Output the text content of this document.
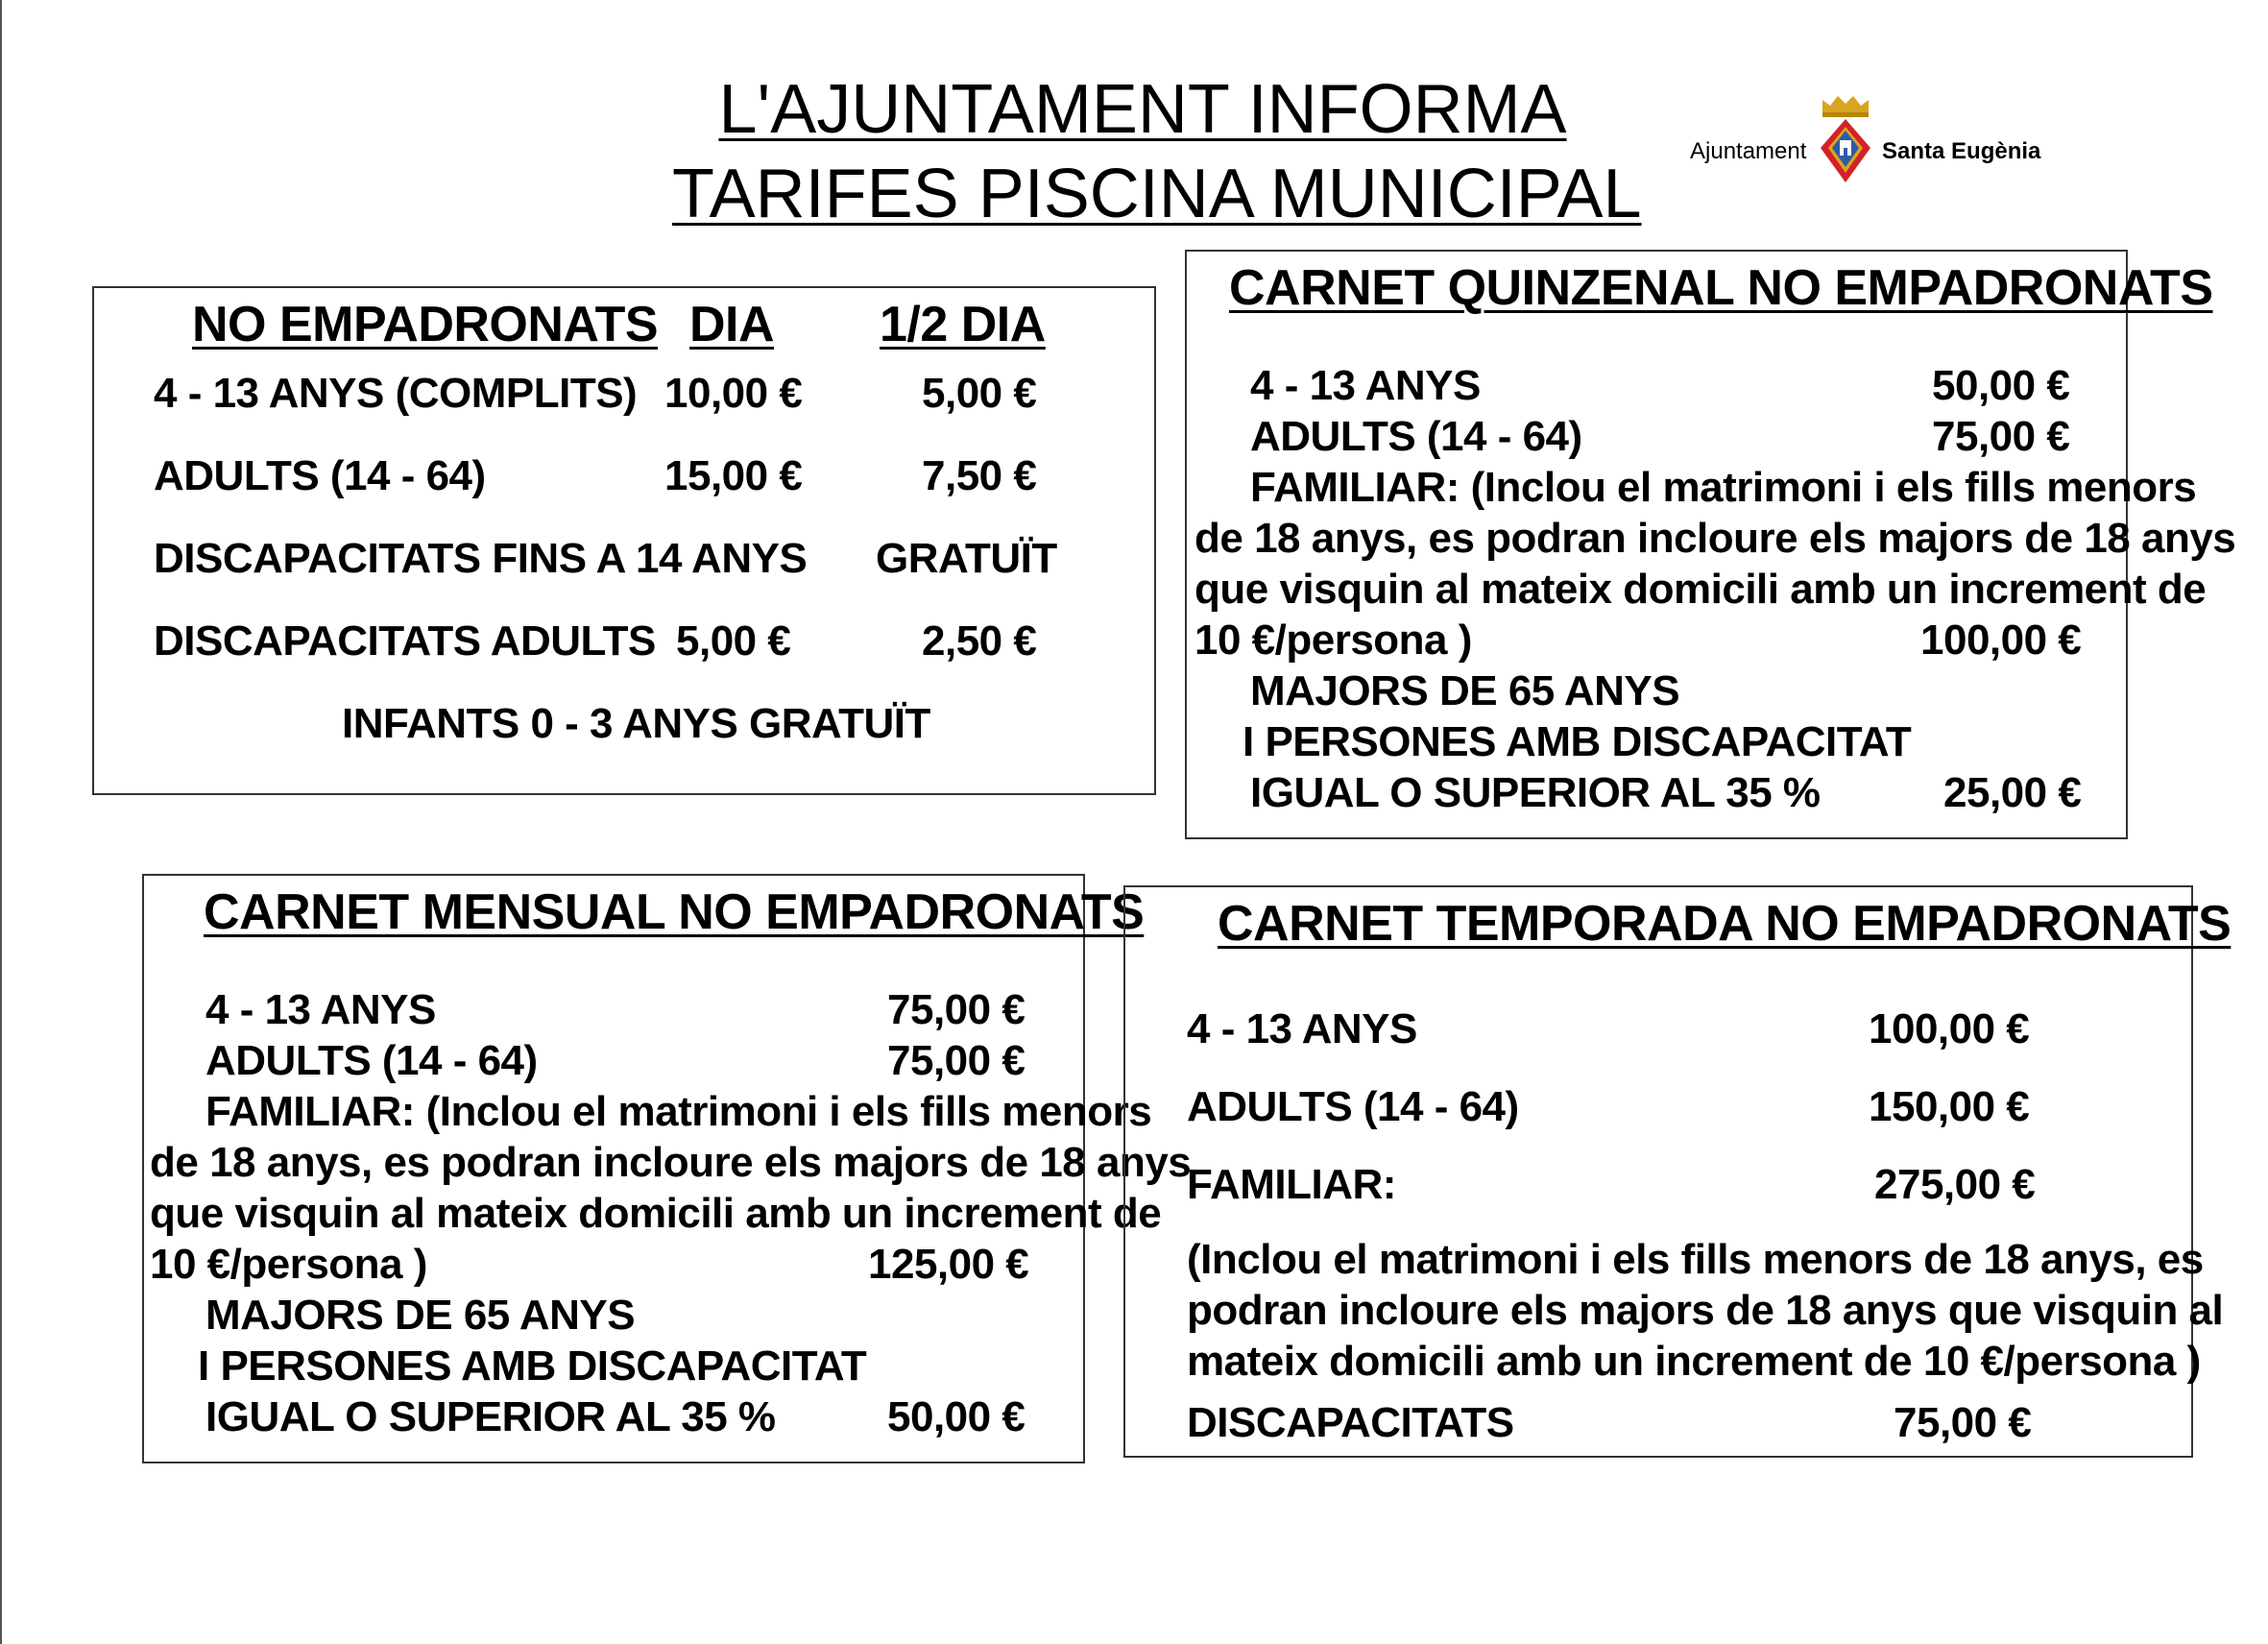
L'AJUNTAMENT INFORMA
TARIFES PISCINA MUNICIPAL
Ajuntament	Santa Eugènia
NO EMPADRONATS DIA 1/2 DIA
4 - 13 ANYS (COMPLITS) 10,00 €	5,00 €
ADULTS (14 - 64)	15,00 €	7,50 €
DISCAPACITATS FINS A 14 ANYS GRATUÏT
DISCAPACITATS ADULTS 5,00 €	2,50 €
INFANTS 0 - 3 ANYS GRATUÏT
CARNET QUINZENAL NO EMPADRONATS
4 - 13 ANYS	50,00 €
ADULTS (14 - 64)	75,00 €
FAMILIAR: (Inclou el matrimoni i els fills menors
de 18 anys, es podran incloure els majors de 18 anys
que visquin al mateix domicili amb un increment de
10 €/persona )	100,00 €
MAJORS DE 65 ANYS
I PERSONES AMB DISCAPACITAT
IGUAL O SUPERIOR AL 35 %	25,00 €
CARNET MENSUAL NO EMPADRONATS
4 - 13 ANYS	75,00 €
ADULTS (14 - 64)	75,00 €
FAMILIAR: (Inclou el matrimoni i els fills menors
de 18 anys, es podran incloure els majors de 18 anys
que visquin al mateix domicili amb un increment de
10 €/persona )	125,00 €
MAJORS DE 65 ANYS
I PERSONES AMB DISCAPACITAT
IGUAL O SUPERIOR AL 35 %	50,00 €
CARNET TEMPORADA NO EMPADRONATS
4 - 13 ANYS	100,00 €
ADULTS (14 - 64)	150,00 €
FAMILIAR:	275,00 €
(Inclou el matrimoni i els fills menors de 18 anys, es
podran incloure els majors de 18 anys que visquin al
mateix domicili amb un increment de 10 €/persona )
DISCAPACITATS	75,00 €
